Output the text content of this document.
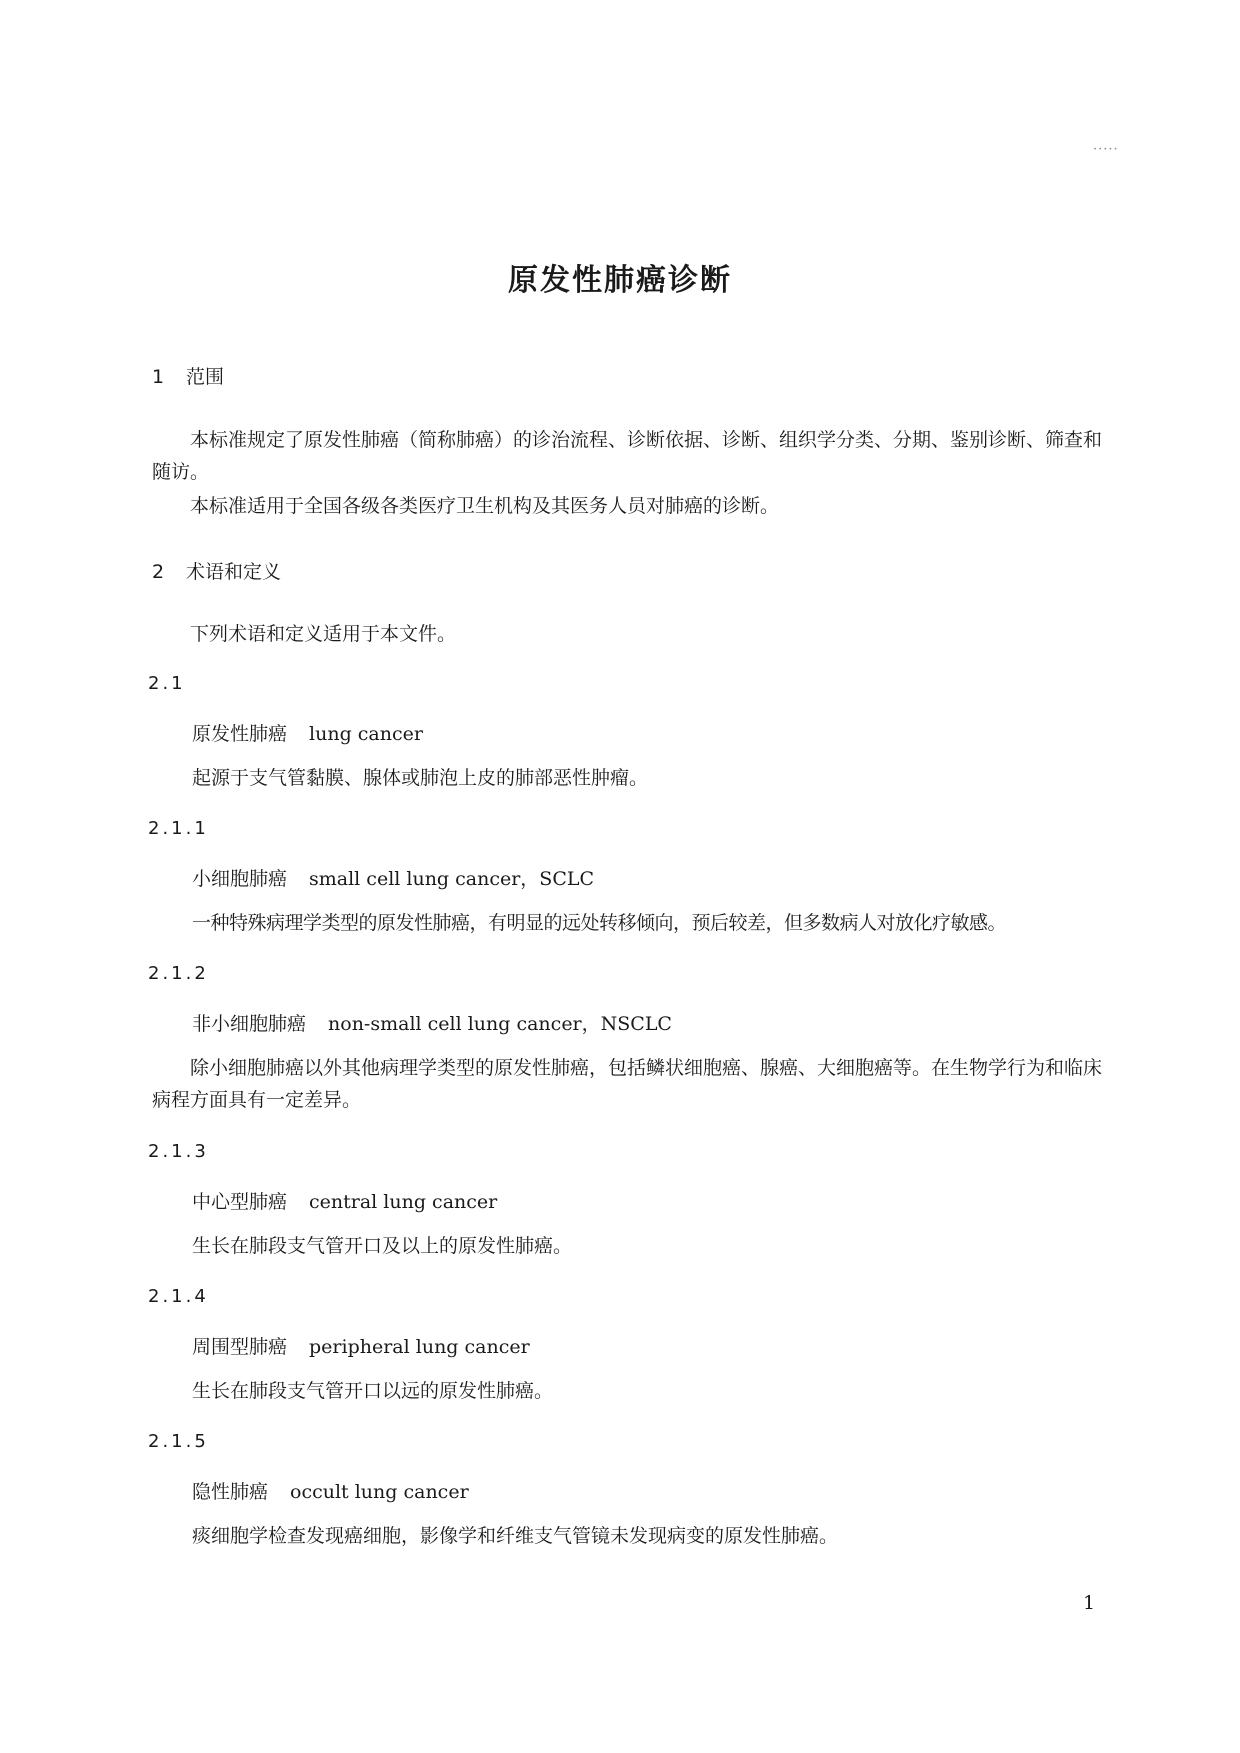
·····
原发性肺癌诊断
1 范围
本标准规定了原发性肺癌（简称肺癌）的诊治流程、诊断依据、诊断、组织学分类、分期、鉴别诊断、筛查和随访。
本标准适用于全国各级各类医疗卫生机构及其医务人员对肺癌的诊断。
2 术语和定义
下列术语和定义适用于本文件。
2.1
原发性肺癌 lung cancer
起源于支气管黏膜、腺体或肺泡上皮的肺部恶性肿瘤。
2.1.1
小细胞肺癌 small cell lung cancer，SCLC
一种特殊病理学类型的原发性肺癌，有明显的远处转移倾向，预后较差，但多数病人对放化疗敏感。
2.1.2
非小细胞肺癌 non-small cell lung cancer，NSCLC
除小细胞肺癌以外其他病理学类型的原发性肺癌，包括鳞状细胞癌、腺癌、大细胞癌等。在生物学行为和临床病程方面具有一定差异。
2.1.3
中心型肺癌 central lung cancer
生长在肺段支气管开口及以上的原发性肺癌。
2.1.4
周围型肺癌 peripheral lung cancer
生长在肺段支气管开口以远的原发性肺癌。
2.1.5
隐性肺癌 occult lung cancer
痰细胞学检查发现癌细胞，影像学和纤维支气管镜未发现病变的原发性肺癌。
1
